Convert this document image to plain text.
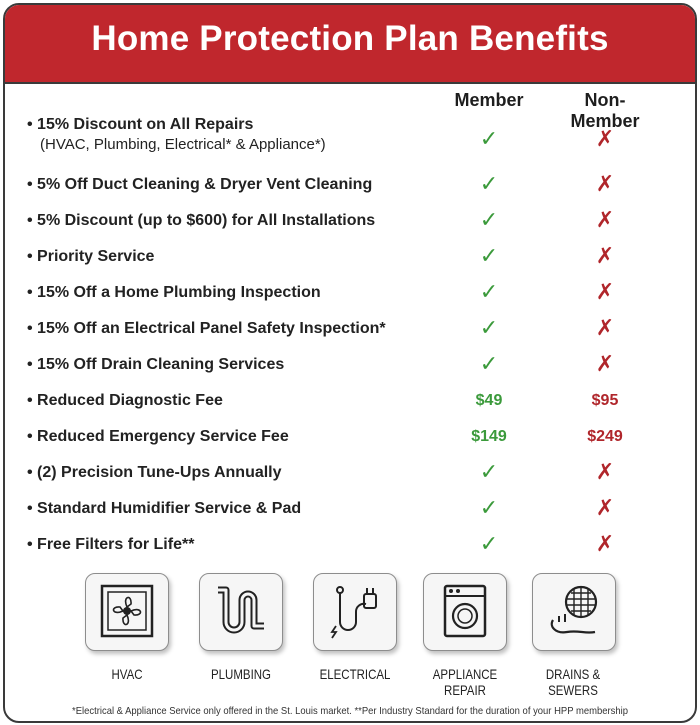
Home Protection Plan Benefits
Member	Non-Member
• 15% Discount on All Repairs
(HVAC, Plumbing, Electrical* & Appliance*)	✓	✗
• 5% Off Duct Cleaning & Dryer Vent Cleaning	✓	✗
• 5% Discount (up to $600) for All Installations	✓	✗
• Priority Service	✓	✗
• 15% Off a Home Plumbing Inspection	✓	✗
• 15% Off an Electrical Panel Safety Inspection*	✓	✗
• 15% Off Drain Cleaning Services	✓	✗
• Reduced Diagnostic Fee	$49	$95
• Reduced Emergency Service Fee	$149	$249
• (2) Precision Tune-Ups Annually	✓	✗
• Standard Humidifier Service & Pad	✓	✗
• Free Filters for Life**	✓	✗
HVAC	PLUMBING	ELECTRICAL	APPLIANCE
REPAIR
DRAINS &
SEWERS
*Electrical & Appliance Service only offered in the St. Louis market. **Per Industry Standard for the duration of your HPP membership
